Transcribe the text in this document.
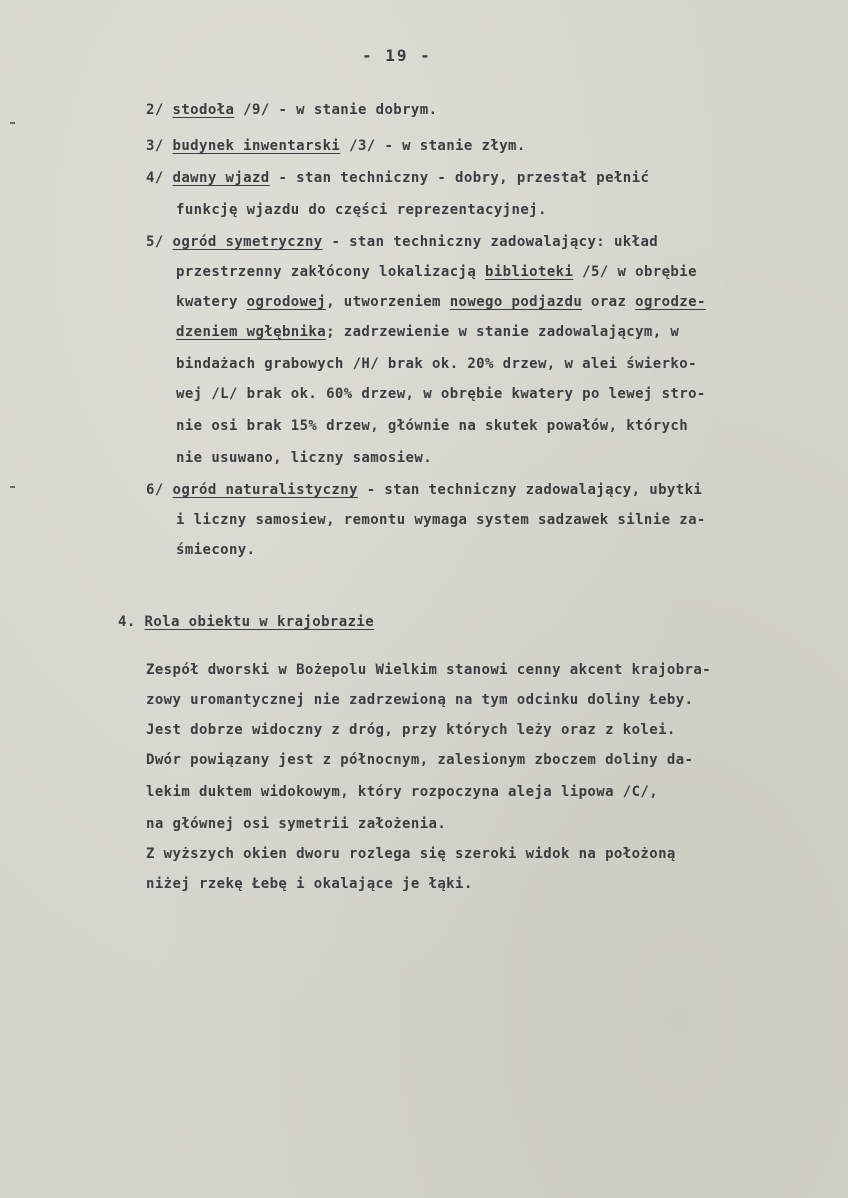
- 19 -
2/ stodoła /9/ - w stanie dobrym.
3/ budynek inwentarski /3/ - w stanie złym.
4/ dawny wjazd - stan techniczny - dobry, przestał pełnić
funkcję wjazdu do części reprezentacyjnej.
5/ ogród symetryczny - stan techniczny zadowalający: układ
przestrzenny zakłócony lokalizacją biblioteki /5/ w obrębie
kwatery ogrodowej, utworzeniem nowego podjazdu oraz ogrodze-
dzeniem wgłębnika; zadrzewienie w stanie zadowalającym, w
bindażach grabowych /H/ brak ok. 20% drzew, w alei świerko-
wej /L/ brak ok. 60% drzew, w obrębie kwatery po lewej stro-
nie osi brak 15% drzew, głównie na skutek powałów, których
nie usuwano, liczny samosiew.
6/ ogród naturalistyczny - stan techniczny zadowalający, ubytki
i liczny samosiew, remontu wymaga system sadzawek silnie za-
śmiecony.
4. Rola obiektu w krajobrazie
Zespół dworski w Bożepolu Wielkim stanowi cenny akcent krajobra-
zowy uromantycznej nie zadrzewioną na tym odcinku doliny Łeby.
Jest dobrze widoczny z dróg, przy których leży oraz z kolei.
Dwór powiązany jest z północnym, zalesionym zboczem doliny da-
lekim duktem widokowym, który rozpoczyna aleja lipowa /C/,
na głównej osi symetrii założenia.
Z wyższych okien dworu rozlega się szeroki widok na położoną
niżej rzekę Łebę i okalające je łąki.
